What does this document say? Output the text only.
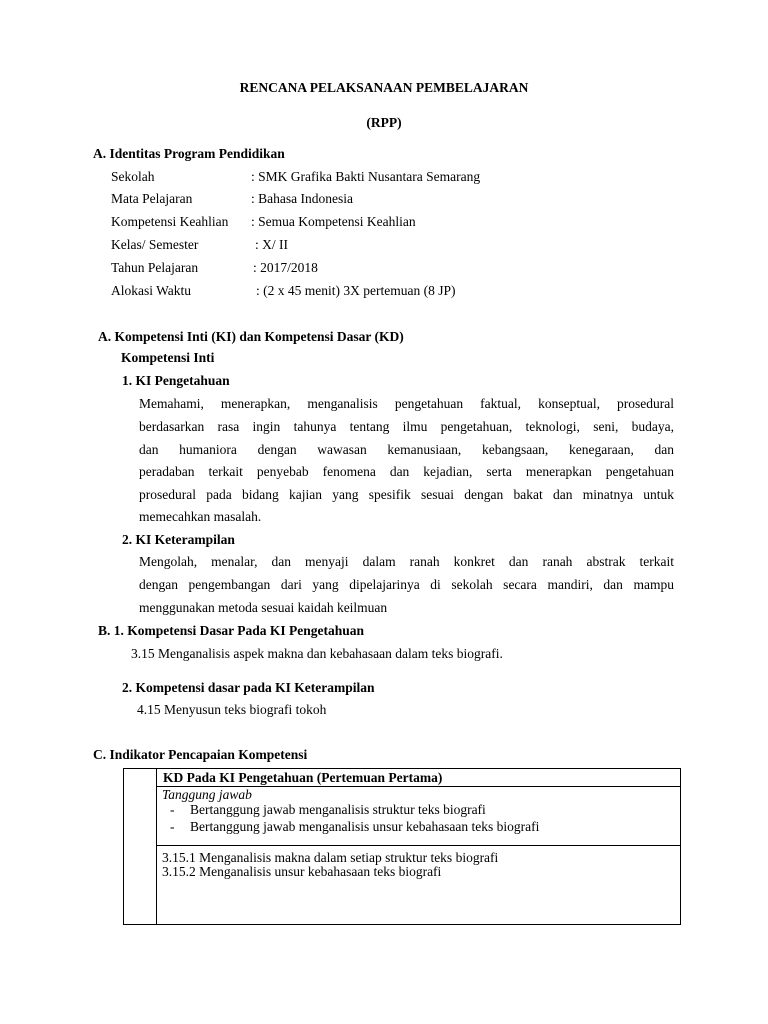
RENCANA PELAKSANAAN PEMBELAJARAN
(RPP)
A. Identitas Program Pendidikan
Sekolah	: SMK Grafika Bakti Nusantara Semarang
Mata Pelajaran	: Bahasa Indonesia
Kompetensi Keahlian : Semua Kompetensi Keahlian
Kelas/ Semester	: X/ II
Tahun Pelajaran	: 2017/2018
Alokasi Waktu	: (2 x 45 menit) 3X pertemuan (8 JP)
A. Kompetensi Inti (KI) dan Kompetensi Dasar (KD)
Kompetensi Inti
1. KI Pengetahuan
Memahami, menerapkan, menganalisis pengetahuan faktual, konseptual, prosedural
berdasarkan rasa ingin tahunya tentang ilmu pengetahuan, teknologi, seni, budaya,
dan humaniora dengan wawasan kemanusiaan, kebangsaan, kenegaraan, dan
peradaban terkait penyebab fenomena dan kejadian, serta menerapkan pengetahuan
prosedural pada bidang kajian yang spesifik sesuai dengan bakat dan minatnya untuk
memecahkan masalah.
2. KI Keterampilan
Mengolah, menalar, dan menyaji dalam ranah konkret dan ranah abstrak terkait
dengan pengembangan dari yang dipelajarinya di sekolah secara mandiri, dan mampu
menggunakan metoda sesuai kaidah keilmuan
B. 1. Kompetensi Dasar Pada KI Pengetahuan
3.15 Menganalisis aspek makna dan kebahasaan dalam teks biografi.
2. Kompetensi dasar pada KI Keterampilan
4.15 Menyusun teks biografi tokoh
C. Indikator Pencapaian Kompetensi
KD Pada KI Pengetahuan (Pertemuan Pertama)
Tanggung jawab
- Bertanggung jawab menganalisis struktur teks biografi
- Bertanggung jawab menganalisis unsur kebahasaan teks biografi
3.15.1 Menganalisis makna dalam setiap struktur teks biografi
3.15.2 Menganalisis unsur kebahasaan teks biografi
